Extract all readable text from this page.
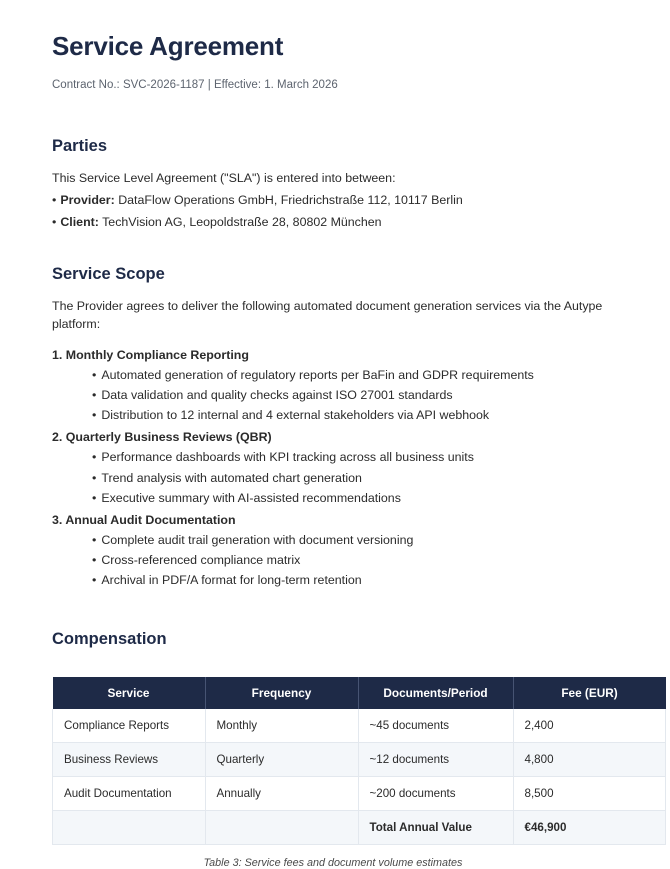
Service Agreement

Contract No.: SVC-2026-1187 | Effective: 1. March 2026

Parties

This Service Level Agreement ("SLA") is entered into between:

• Provider: DataFlow Operations GmbH, Friedrichstraße 112, 10117 Berlin

• Client: TechVision AG, Leopoldstraße 28, 80802 München

Service Scope

The Provider agrees to deliver the following automated document generation services via the Autype platform:

1. Monthly Compliance Reporting
• Automated generation of regulatory reports per BaFin and GDPR requirements
• Data validation and quality checks against ISO 27001 standards
• Distribution to 12 internal and 4 external stakeholders via API webhook
2. Quarterly Business Reviews (QBR)
• Performance dashboards with KPI tracking across all business units
• Trend analysis with automated chart generation
• Executive summary with AI-assisted recommendations
3. Annual Audit Documentation
• Complete audit trail generation with document versioning
• Cross-referenced compliance matrix
• Archival in PDF/A format for long-term retention
Compensation
Service	Frequency	Documents/Period	Fee (EUR)
Compliance Reports	Monthly	~45 documents	2,400
Business Reviews	Quarterly	~12 documents	4,800
Audit Documentation	Annually	~200 documents	8,500
		Total Annual Value	€46,900
Table 3: Service fees and document volume estimates
